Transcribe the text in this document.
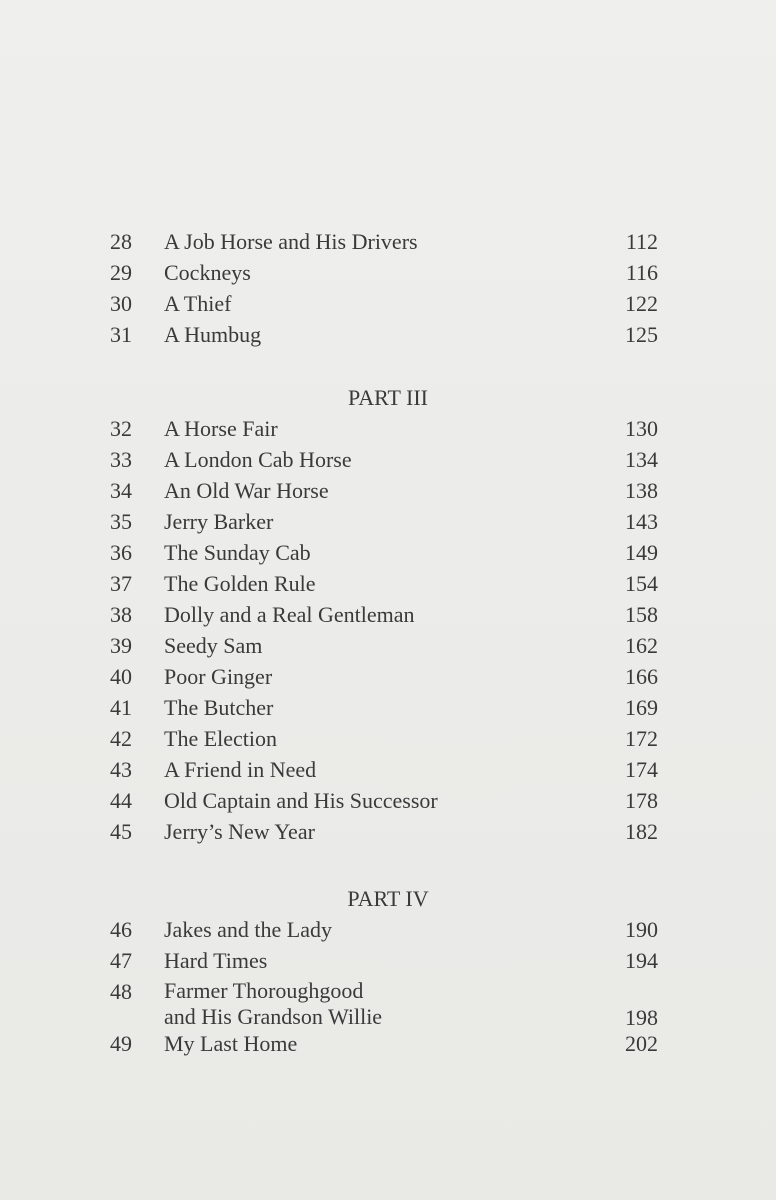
28 A Job Horse and His Drivers	112
29 Cockneys	116
30 A Thief	122
31 A Humbug	125
PART III
32 A Horse Fair	130
33 A London Cab Horse	134
34 An Old War Horse	138
35 Jerry Barker	143
36 The Sunday Cab	149
37 The Golden Rule	154
38 Dolly and a Real Gentleman	158
39 Seedy Sam	162
40 Poor Ginger	166
41 The Butcher	169
42 The Election	172
43 A Friend in Need	174
44 Old Captain and His Successor	178
45 Jerry’s New Year	182
PART IV
46 Jakes and the Lady	190
47 Hard Times	194
48 Farmer Thoroughgood
and His Grandson Willie	198
49 My Last Home	202
